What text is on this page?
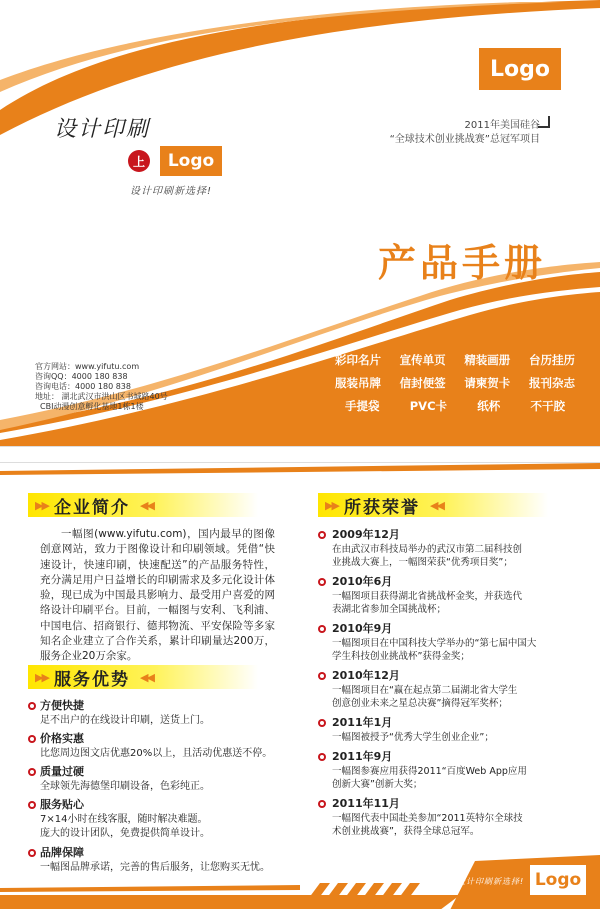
Logo
2011年美国硅谷
“全球技术创业挑战赛”总冠军项目
设计印刷
上	Logo
设计印刷新选择!
产品手册
官方网站：www.yifutu.com
咨询QQ：4000 180 838
咨询电话：4000 180 838
地址： 湖北武汉市洪山区书城路40号
CBI动漫创意孵化基地1栋1楼
彩印名片 宣传单页 精装画册 台历挂历
服装吊牌 信封便签 请柬贺卡 报刊杂志
手提袋	PVC卡	纸杯	不干胶
▶▶ 企业简介 ◀◀
一幅图(www.yifutu.com)，国内最早的图像创意网站，致力于图像设计和印刷领域。凭借“快速设计，快速印刷，快速配送”的产品服务特性，充分满足用户日益增长的印刷需求及多元化设计体验，现已成为中国最具影响力、最受用户喜爱的网络设计印刷平台。目前，一幅图与安利、飞利浦、中国电信、招商银行、德邦物流、平安保险等多家知名企业建立了合作关系，累计印刷量达200万，服务企业20万余家。
▶▶ 服务优势 ◀◀
方便快捷
足不出户的在线设计印刷，送货上门。
价格实惠
比您周边图文店优惠20%以上，且活动优惠送不停。
质量过硬
全球领先海德堡印刷设备，色彩纯正。
服务贴心
7×14小时在线客服，随时解决难题。
庞大的设计团队，免费提供简单设计。
品牌保障
一幅图品牌承诺，完善的售后服务，让您购买无忧。
▶▶ 所获荣誉 ◀◀
2009年12月
在由武汉市科技局举办的武汉市第二届科技创
业挑战大赛上，一幅图荣获“优秀项目奖”；
2010年6月
一幅图项目获得湖北省挑战杯金奖，并获选代
表湖北省参加全国挑战杯；
2010年9月
一幅图项目在中国科技大学举办的“第七届中国大
学生科技创业挑战杯”获得金奖；
2010年12月
一幅图项目在“赢在起点第二届湖北省大学生
创意创业未来之星总决赛”摘得冠军奖杯；
2011年1月
一幅图被授予“优秀大学生创业企业”；
2011年9月
一幅图参赛应用获得2011“百度Web App应用
创新大赛”创新大奖；
2011年11月
一幅图代表中国赴美参加“2011英特尔全球技
术创业挑战赛”，获得全球总冠军。
设计印刷新选择! Logo
